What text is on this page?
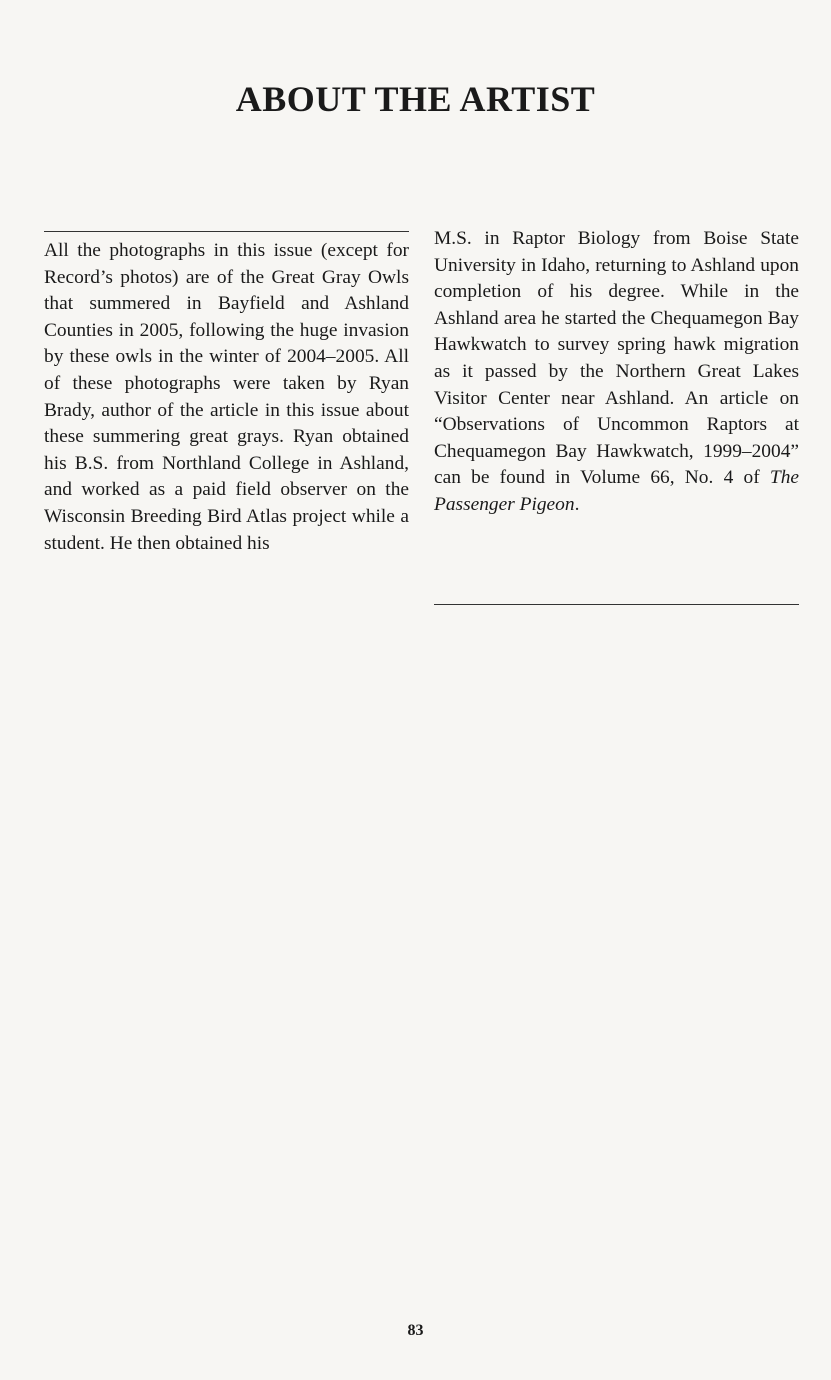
ABOUT THE ARTIST

All the photographs in this issue (except for Record’s photos) are of the Great Gray Owls that summered in Bayfield and Ashland Counties in 2005, following the huge invasion by these owls in the winter of 2004–2005. All of these photographs were taken by Ryan Brady, author of the article in this issue about these summering great grays. Ryan obtained his B.S. from Northland College in Ashland, and worked as a paid field observer on the Wisconsin Breeding Bird Atlas project while a student. He then obtained his

M.S. in Raptor Biology from Boise State University in Idaho, returning to Ashland upon completion of his degree. While in the Ashland area he started the Chequamegon Bay Hawkwatch to survey spring hawk migration as it passed by the Northern Great Lakes Visitor Center near Ashland. An article on “Observations of Uncommon Raptors at Chequamegon Bay Hawkwatch, 1999–2004” can be found in Volume 66, No. 4 of The Passenger Pigeon.

83
